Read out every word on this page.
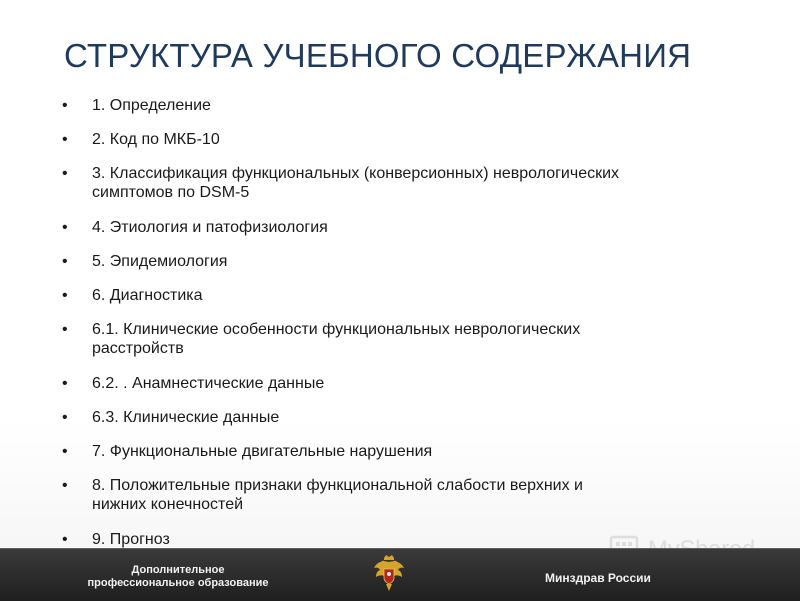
СТРУКТУРА УЧЕБНОГО СОДЕРЖАНИЯ
•	1. Определение
•	2. Код по МКБ-10
•	3. Классификация функциональных (конверсионных) неврологических
симптомов по DSM-5
•	4. Этиология и патофизиология
•	5. Эпидемиология
•	6. Диагностика
•	6.1. Клинические особенности функциональных неврологических
расстройств
•	6.2. . Анамнестические данные
•	6.3. Клинические данные
•	7. Функциональные двигательные нарушения
•	8. Положительные признаки функциональной слабости верхних и
нижних конечностей
•	9. Прогноз
Дополнительное
профессиональное образование	Минздрав России
